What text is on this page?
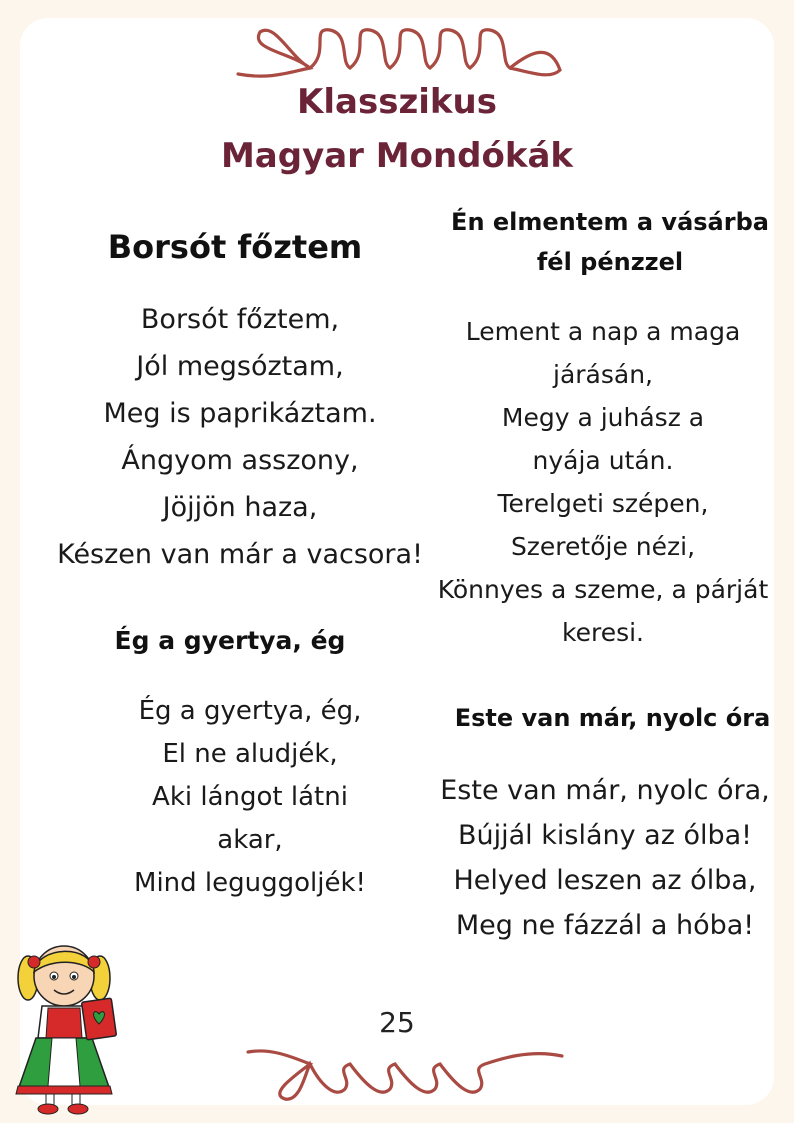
Klasszikus
Magyar Mondókák
Borsót főztem
Borsót főztem,
Jól megsóztam,
Meg is paprikáztam.
Ángyom asszony,
Jöjjön haza,
Készen van már a vacsora!
Ég a gyertya, ég
Ég a gyertya, ég,
El ne aludjék,
Aki lángot látni
akar,
Mind leguggoljék!
Én elmentem a vásárba
fél pénzzel
Lement a nap a maga
járásán,
Megy a juhász a
nyája után.
Terelgeti szépen,
Szeretője nézi,
Könnyes a szeme, a párját
keresi.
Este van már, nyolc óra
Este van már, nyolc óra,
Bújjál kislány az ólba!
Helyed leszen az ólba,
Meg ne fázzál a hóba!
25
